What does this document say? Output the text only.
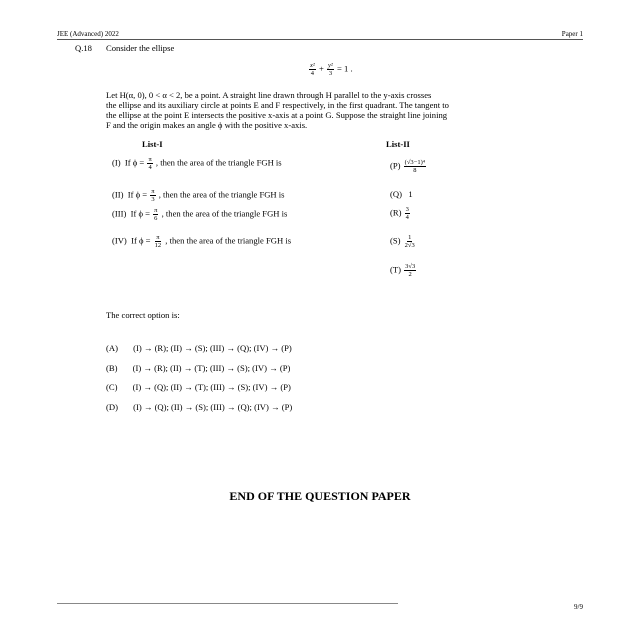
JEE (Advanced) 2022	Paper 1
Q.18 Consider the ellipse
$\frac{\text{x²}}{4} + \frac{\text{y²}}{3} = 1$ .
Let H(α, 0), 0 < α < 2, be a point. A straight line drawn through H parallel to the y-axis crosses
the ellipse and its auxiliary circle at points E and F respectively, in the first quadrant. The tangent to
the ellipse at the point E intersects the positive x-axis at a point G. Suppose the straight line joining
F and the origin makes an angle ϕ with the positive x-axis.
List-I	List-II
(I) If $\phi = \frac{\pi}{4}$ , then the area of the triangle FGH is
(II) If $\phi = \frac{\pi}{3}$ , then the area of the triangle FGH is
(III) If $\phi = \frac{\pi}{6}$ , then the area of the triangle FGH is
(IV) If $\phi = \frac{\pi}{12}$ , then the area of the triangle FGH is
$(P) \frac{\text{(√3−1)⁴}}{8}$
(Q) 1
$(R) \frac{3}{4}$
$(S) \frac{1}{2√3}$
$(T) \frac{3√3}{2}$
The correct option is:
(A) (I) → (R); (II) → (S); (III) → (Q); (IV) → (P)
(B) (I) → (R); (II) → (T); (III) → (S); (IV) → (P)
(C) (I) → (Q); (II) → (T); (III) → (S); (IV) → (P)
(D) (I) → (Q); (II) → (S); (III) → (Q); (IV) → (P)
END OF THE QUESTION PAPER
9/9
